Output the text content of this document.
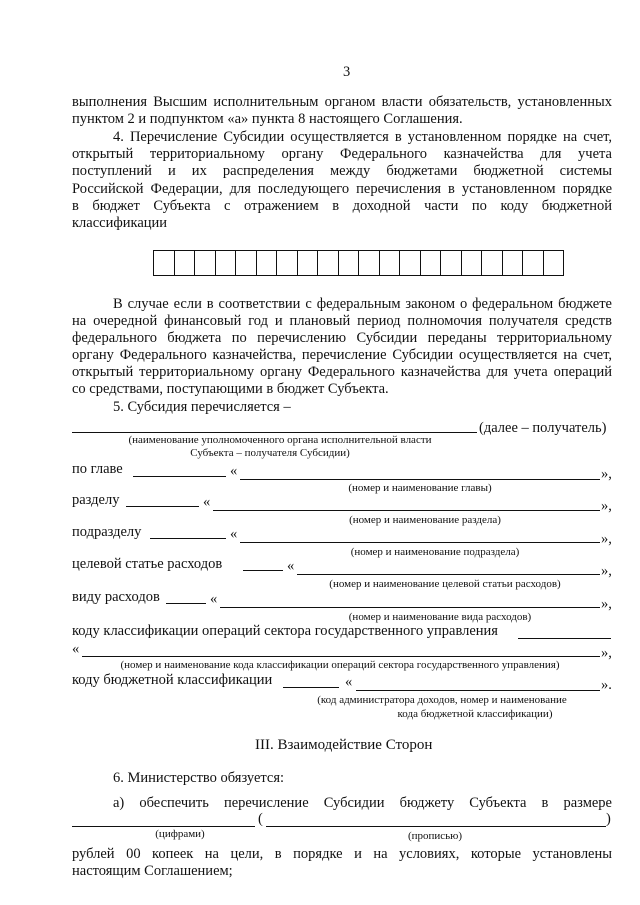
3
выполнения Высшим исполнительным органом власти обязательств, установленных
пунктом 2 и подпунктом «а» пункта 8 настоящего Соглашения.
4. Перечисление Субсидии осуществляется в установленном порядке на счет,
открытый территориальному органу Федерального казначейства для учета
поступлений и их распределения между бюджетами бюджетной системы
Российской Федерации, для последующего перечисления в установленном порядке
в бюджет Субъекта с отражением в доходной части по коду бюджетной
классификации
В случае если в соответствии с федеральным законом о федеральном бюджете
на очередной финансовый год и плановый период полномочия получателя средств
федерального бюджета по перечислению Субсидии переданы территориальному
органу Федерального казначейства, перечисление Субсидии осуществляется на счет,
открытый территориальному органу Федерального казначейства для учета операций
со средствами, поступающими в бюджет Субъекта.
5. Субсидия перечисляется –
(далее – получатель)
(наименование уполномоченного органа исполнительной власти
Субъекта – получателя Субсидии)
по главе	«	»,
(номер и наименование главы)
разделу	«	»,
(номер и наименование раздела)
подразделу	«	»,
(номер и наименование подраздела)
целевой статье расходов	«	»,
(номер и наименование целевой статьи расходов)
виду расходов	«	»,
(номер и наименование вида расходов)
коду классификации операций сектора государственного управления
«	»,
(номер и наименование кода классификации операций сектора государственного управления)
коду бюджетной классификации	«	».
(код администратора доходов, номер и наименование
кода бюджетной классификации)
III. Взаимодействие Сторон
6. Министерство обязуется:
а) обеспечить перечисление Субсидии бюджету Субъекта в размере
(	)
(цифрами)	(прописью)
рублей 00 копеек на цели, в порядке и на условиях, которые установлены
настоящим Соглашением;
